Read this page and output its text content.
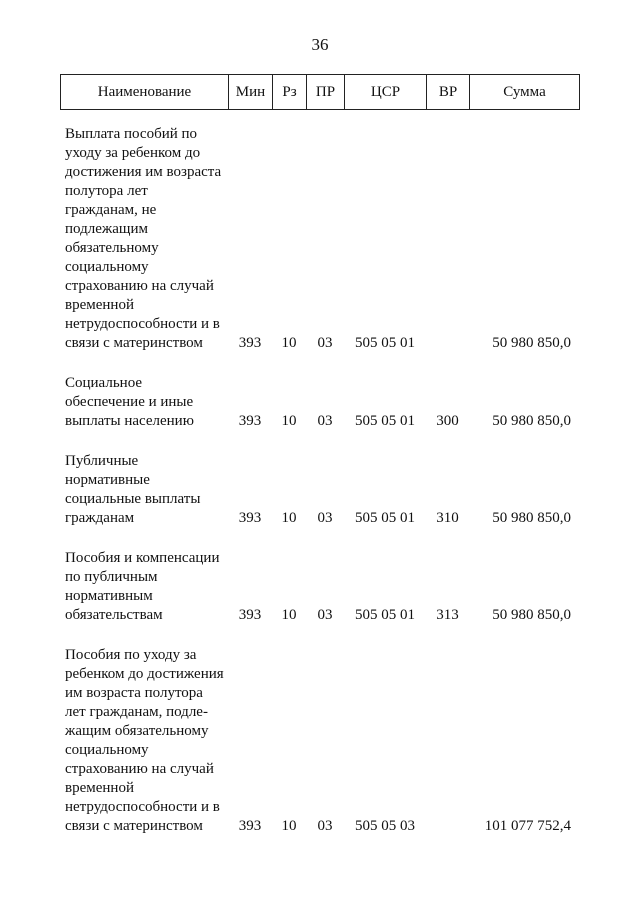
36
Наименование	Мин	Рз	ПР	ЦСР	ВР	Сумма
Выплата пособий по уходу за ребенком до достижения им возраста полутора лет гражданам, не подлежащим обязательному социальному страхованию на случай временной нетрудоспособности и в связи с материнством	393	10	03	505 05 01		50 980 850,0

Социальное обеспечение и иные выплаты населению	393	10	03	505 05 01	300	50 980 850,0

Публичные нормативные социальные выплаты гражданам	393	10	03	505 05 01	310	50 980 850,0

Пособия и компенсации по публичным нормативным обязательствам	393	10	03	505 05 01	313	50 980 850,0

Пособия по уходу за ребенком до достижения им возраста полутора лет гражданам, подле-жащим обязательному социальному страхованию на случай временной нетрудоспособности и в связи с материнством	393	10	03	505 05 03		101 077 752,4
